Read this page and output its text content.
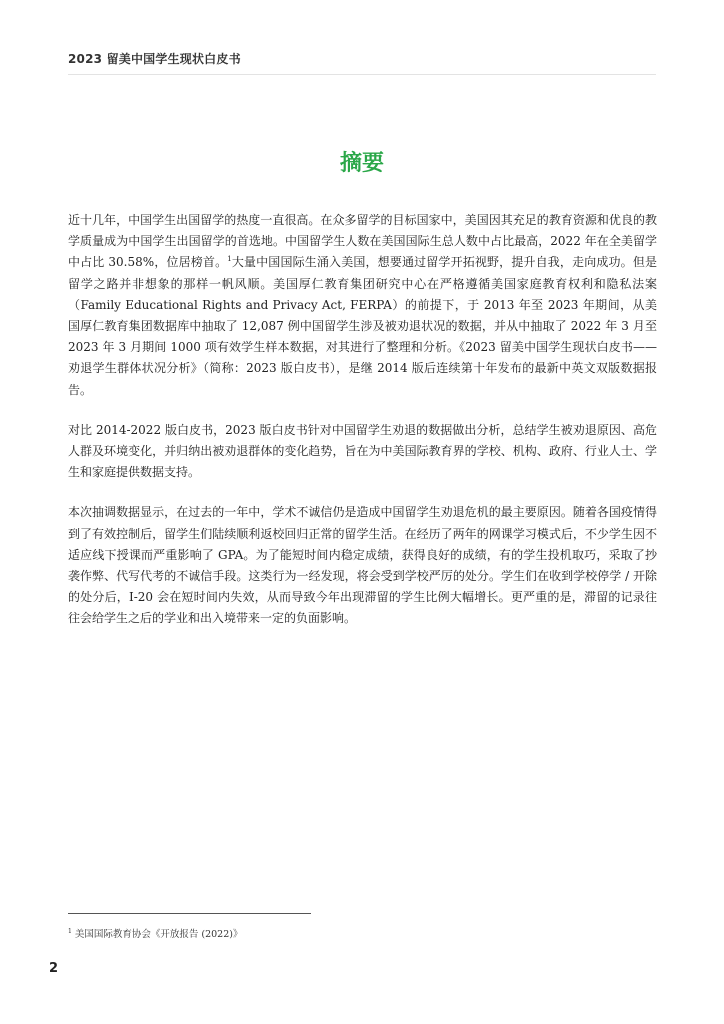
2023 留美中国学生现状白皮书
摘要

近十几年，中国学生出国留学的热度一直很高。在众多留学的目标国家中，美国因其充足的教育资源和优良的教学质量成为中国学生出国留学的首选地。中国留学生人数在美国国际生总人数中占比最高，2022 年在全美留学中占比 30.58%，位居榜首。$^1$大量中国国际生涌入美国，想要通过留学开拓视野，提升自我，走向成功。但是留学之路并非想象的那样一帆风顺。美国厚仁教育集团研究中心在严格遵循美国家庭教育权利和隐私法案（Family Educational Rights and Privacy Act, FERPA）的前提下，于 2013 年至 2023 年期间，从美国厚仁教育集团数据库中抽取了 12,087 例中国留学生涉及被劝退状况的数据，并从中抽取了 2022 年 3 月至 2023 年 3 月期间 1000 项有效学生样本数据，对其进行了整理和分析。《2023 留美中国学生现状白皮书——劝退学生群体状况分析》（简称：2023 版白皮书），是继 2014 版后连续第十年发布的最新中英文双版数据报告。

对比 2014-2022 版白皮书，2023 版白皮书针对中国留学生劝退的数据做出分析，总结学生被劝退原因、高危人群及环境变化，并归纳出被劝退群体的变化趋势，旨在为中美国际教育界的学校、机构、政府、行业人士、学生和家庭提供数据支持。

本次抽调数据显示，在过去的一年中，学术不诚信仍是造成中国留学生劝退危机的最主要原因。随着各国疫情得到了有效控制后，留学生们陆续顺利返校回归正常的留学生活。在经历了两年的网课学习模式后，不少学生因不适应线下授课而严重影响了 GPA。为了能短时间内稳定成绩，获得良好的成绩，有的学生投机取巧，采取了抄袭作弊、代写代考的不诚信手段。这类行为一经发现，将会受到学校严厉的处分。学生们在收到学校停学 / 开除的处分后，I-20 会在短时间内失效，从而导致今年出现滞留的学生比例大幅增长。更严重的是，滞留的记录往往会给学生之后的学业和出入境带来一定的负面影响。

$^1$ 美国国际教育协会《开放报告 (2022)》
2
